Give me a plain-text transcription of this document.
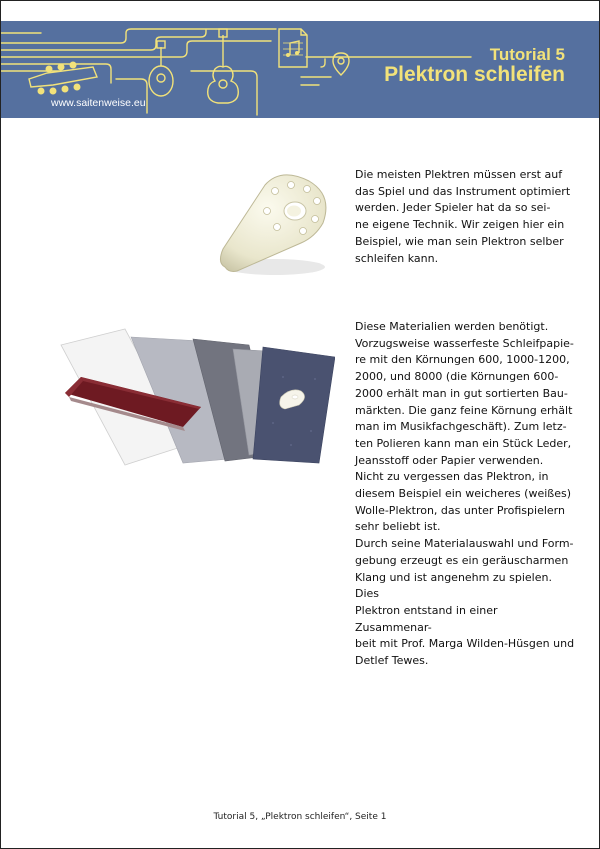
Tutorial 5
Plektron schleifen
www.saitenweise.eu

Die meisten Plektren müssen erst auf

das Spiel und das Instrument optimiert

werden. Jeder Spieler hat da so sei-

ne eigene Technik. Wir zeigen hier ein

Beispiel, wie man sein Plektron selber

schleifen kann.

Diese Materialien werden benötigt.

Vorzugsweise wasserfeste Schleifpapie-

re mit den Körnungen 600, 1000-1200,

2000, und 8000 (die Körnungen 600-

2000 erhält man in gut sortierten Bau-

märkten. Die ganz feine Körnung erhält

man im Musikfachgeschäft). Zum letz-

ten Polieren kann man ein Stück Leder,

Jeansstoff oder Papier verwenden.

Nicht zu vergessen das Plektron, in

diesem Beispiel ein weicheres (weißes)

Wolle-Plektron, das unter Profispielern

sehr beliebt ist.

Durch seine Materialauswahl und Form-

gebung erzeugt es ein geräuscharmen

Klang und ist angenehm zu spielen. Dies

Plektron entstand in einer Zusammenar-

beit mit Prof. Marga Wilden-Hüsgen und

Detlef Tewes.

Tutorial 5, „Plektron schleifen“, Seite 1
